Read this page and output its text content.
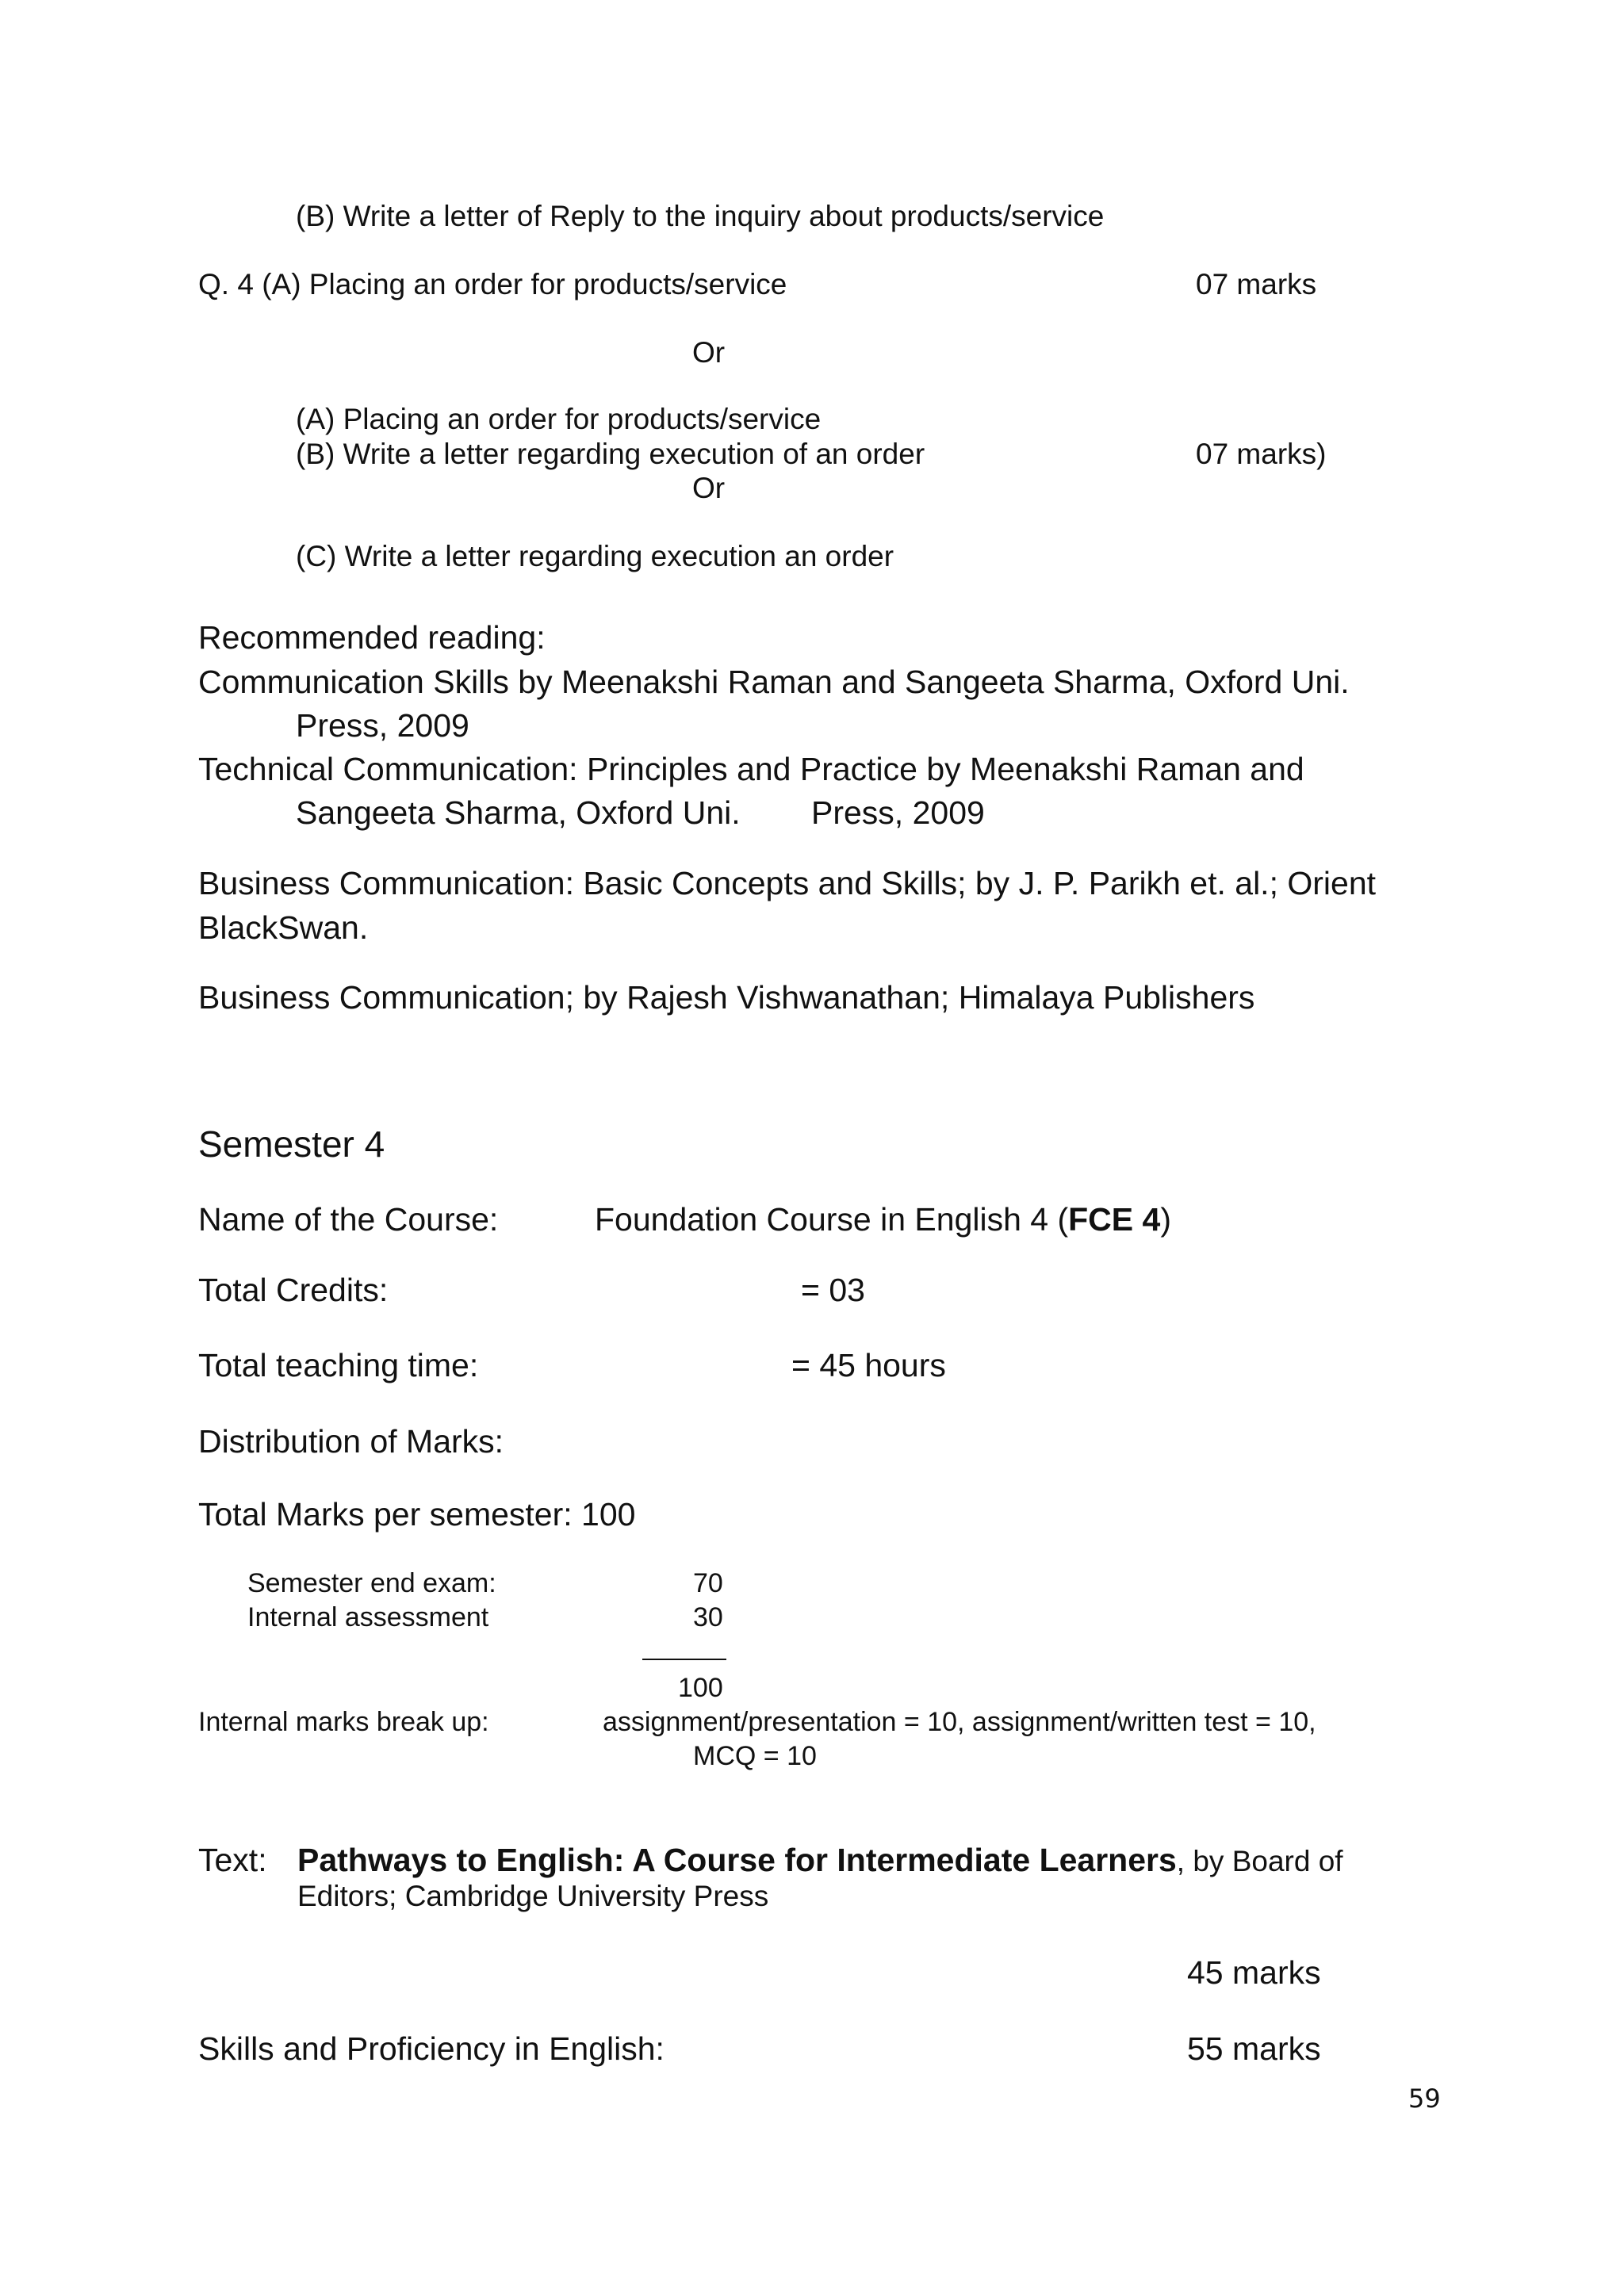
(B) Write a letter of Reply to the inquiry about products/service
Q. 4 (A) Placing an order for products/service	07 marks
Or
(A) Placing an order for products/service
(B) Write a letter regarding execution of an order	07 marks)
Or
(C) Write a letter regarding execution an order
Recommended reading:
Communication Skills by Meenakshi Raman and Sangeeta Sharma, Oxford Uni.
Press, 2009
Technical Communication: Principles and Practice by Meenakshi Raman and
Sangeeta Sharma, Oxford Uni. Press, 2009
Business Communication: Basic Concepts and Skills; by J. P. Parikh et. al.; Orient
BlackSwan.
Business Communication; by Rajesh Vishwanathan; Himalaya Publishers
Semester 4
Name of the Course:	Foundation Course in English 4 (FCE 4)
Total Credits:	= 03
Total teaching time:	= 45 hours
Distribution of Marks:
Total Marks per semester: 100
Semester end exam:	70
Internal assessment	30
100
Internal marks break up:	assignment/presentation = 10, assignment/written test = 10,
MCQ = 10
Text: Pathways to English: A Course for Intermediate Learners, by Board of
Editors; Cambridge University Press
45 marks
Skills and Proficiency in English:	55 marks
59
